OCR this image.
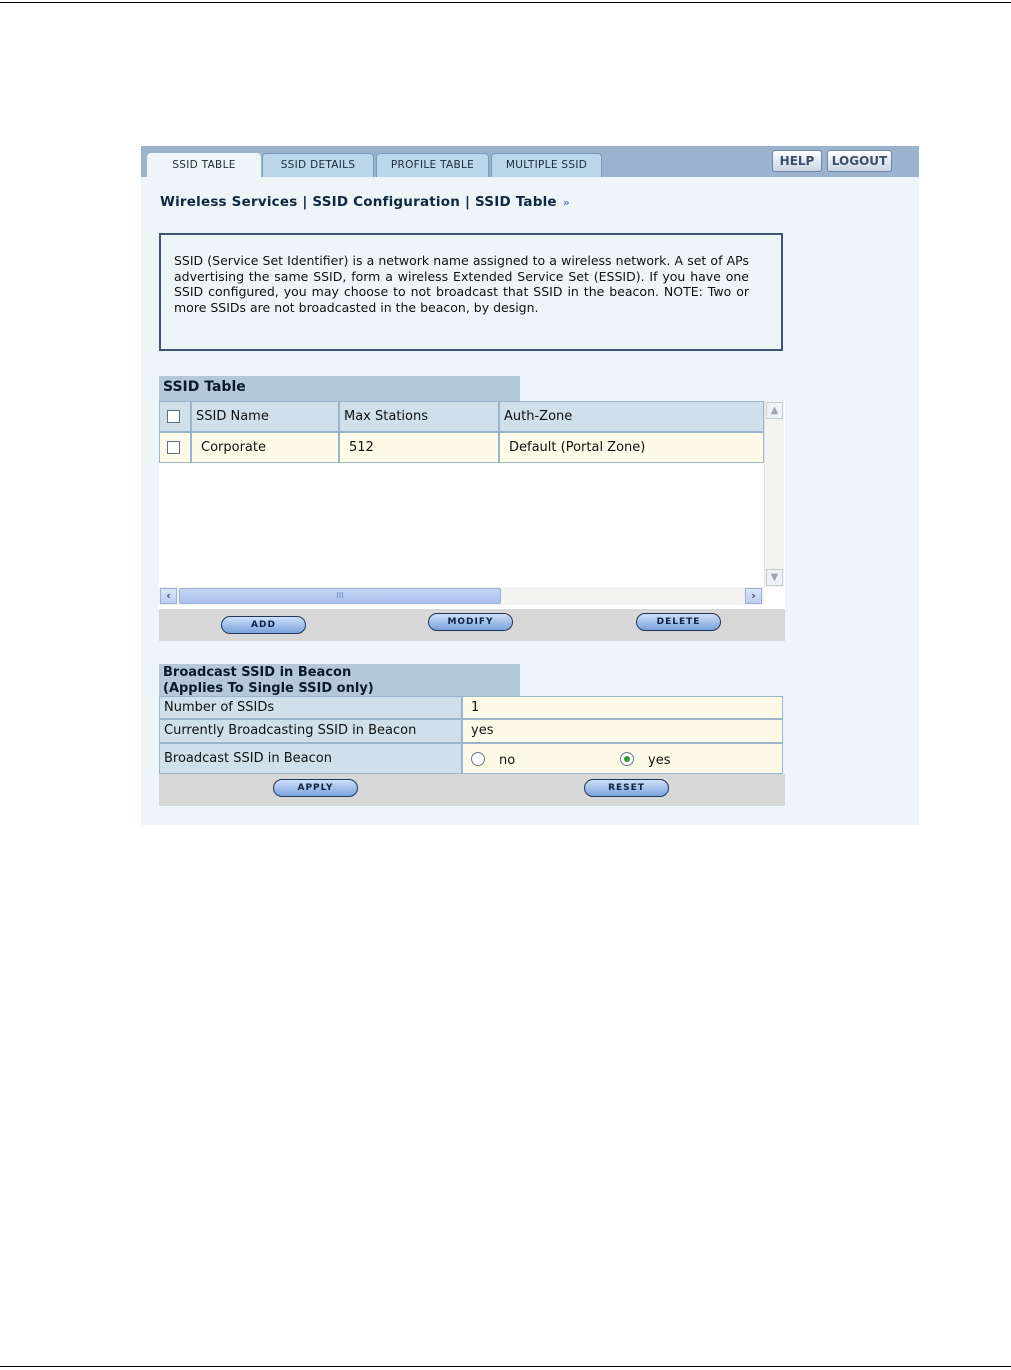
SSID TABLE	SSID DETAILS	PROFILE TABLE	MULTIPLE SSID	HELP	LOGOUT
Wireless Services | SSID Configuration | SSID Table »
SSID (Service Set Identifier) is a network name assigned to a wireless network. A set of APs advertising the same SSID, form a wireless Extended Service Set (ESSID). If you have one SSID configured, you may choose to not broadcast that SSID in the beacon. NOTE: Two or more SSIDs are not broadcasted in the beacon, by design.
SSID Table
SSID Name	Max Stations	Auth-Zone
Corporate	512	Default (Portal Zone)
▲
▼
‹	III	›
ADD	MODIFY	DELETE
Broadcast SSID in Beacon
(Applies To Single SSID only)
Number of SSIDs	1
Currently Broadcasting SSID in Beacon	yes
Broadcast SSID in Beacon	no	yes
APPLY	RESET
